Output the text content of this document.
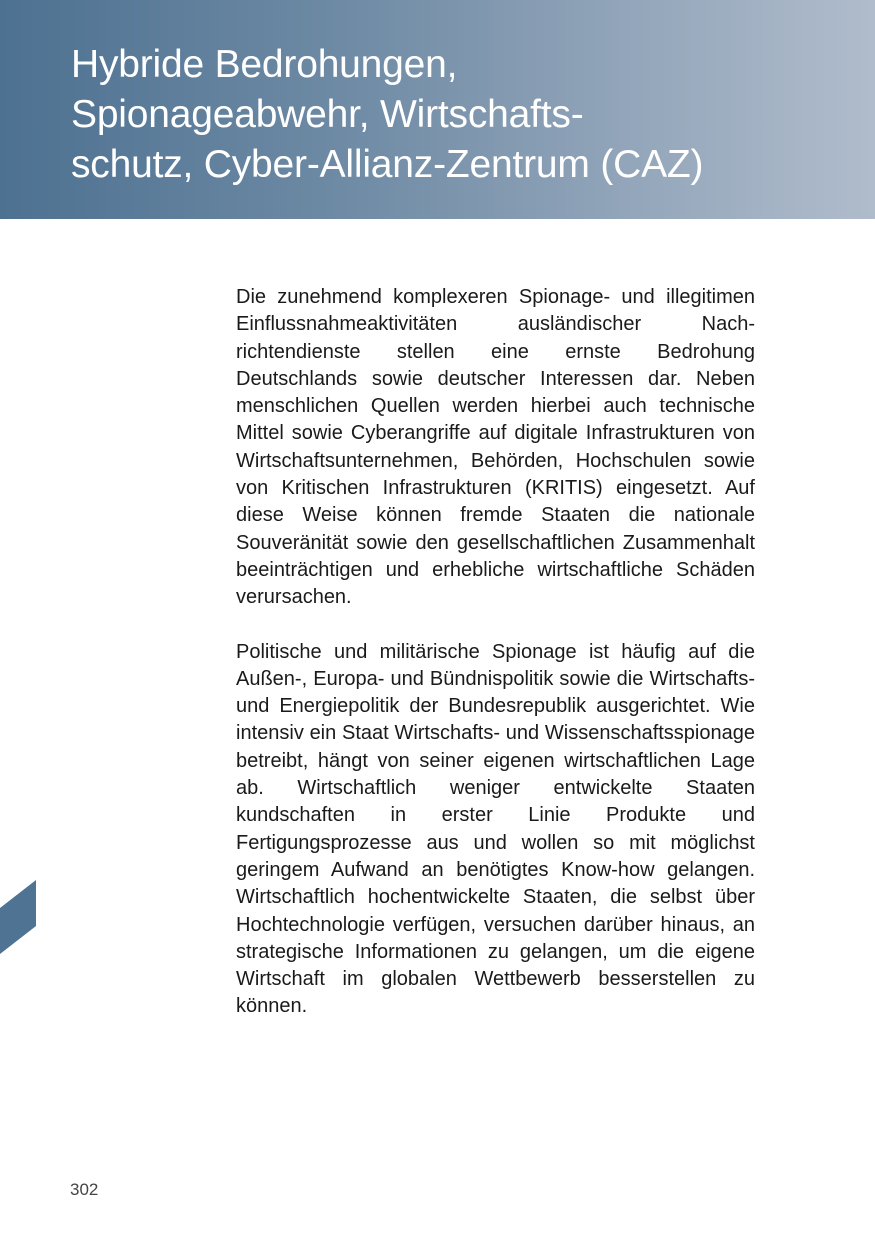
Hybride Bedrohungen,
Spionageabwehr, Wirtschafts-
schutz, Cyber-Allianz-Zentrum (CAZ)

Die zunehmend komplexeren Spionage- und illegitimen Einflussnahmeaktivitäten ausländischer Nachrichtendienste stellen eine ernste Bedrohung Deutschlands sowie deutscher Interessen dar. Neben menschlichen Quellen werden hierbei auch technische Mittel sowie Cyberangriffe auf digitale Infrastrukturen von Wirtschaftsunternehmen, Behörden, Hochschulen sowie von Kritischen Infrastrukturen (KRITIS) eingesetzt. Auf diese Weise können fremde Staaten die nationale Souveränität sowie den gesellschaftlichen Zusammenhalt beeinträchtigen und erhebliche wirtschaftliche Schäden verursachen.

Politische und militärische Spionage ist häufig auf die Außen-, Europa- und Bündnispolitik sowie die Wirtschafts- und Energiepolitik der Bundesrepublik ausgerichtet. Wie intensiv ein Staat Wirtschafts- und Wissenschaftsspionage betreibt, hängt von seiner eigenen wirtschaftlichen Lage ab. Wirtschaftlich weniger entwickelte Staaten kundschaften in erster Linie Produkte und Fertigungsprozesse aus und wollen so mit möglichst geringem Aufwand an benötigtes Know-how gelangen. Wirtschaftlich hochentwickelte Staaten, die selbst über Hochtechnologie verfügen, versuchen darüber hinaus, an strategische Informationen zu gelangen, um die eigene Wirtschaft im globalen Wettbewerb besserstellen zu können.

302
